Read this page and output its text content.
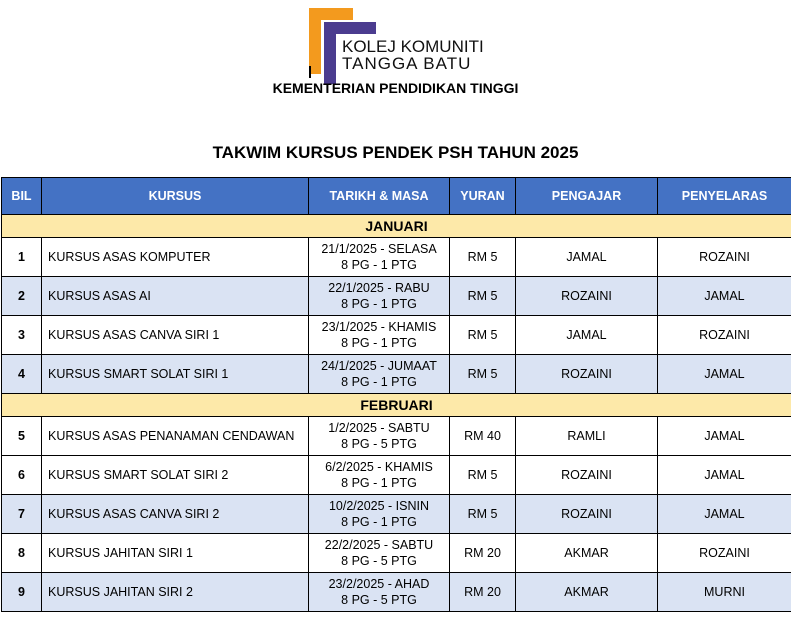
KOLEJ KOMUNITI
TANGGA BATU
KEMENTERIAN PENDIDIKAN TINGGI
TAKWIM KURSUS PENDEK PSH TAHUN 2025
BIL	KURSUS	TARIKH & MASA	YURAN	PENGAJAR	PENYELARAS
JANUARI					
1	KURSUS ASAS KOMPUTER	21/1/2025 - SELASA
8 PG - 1 PTG	RM 5	JAMAL	ROZAINI
2	KURSUS ASAS AI	22/1/2025 - RABU
8 PG - 1 PTG	RM 5	ROZAINI	JAMAL
3	KURSUS ASAS CANVA SIRI 1	23/1/2025 - KHAMIS
8 PG - 1 PTG	RM 5	JAMAL	ROZAINI
4	KURSUS SMART SOLAT SIRI 1	24/1/2025 - JUMAAT
8 PG - 1 PTG	RM 5	ROZAINI	JAMAL
FEBRUARI					
5	KURSUS ASAS PENANAMAN CENDAWAN	1/2/2025 - SABTU
8 PG - 5 PTG	RM 40	RAMLI	JAMAL
6	KURSUS SMART SOLAT SIRI 2	6/2/2025 - KHAMIS
8 PG - 1 PTG	RM 5	ROZAINI	JAMAL
7	KURSUS ASAS CANVA SIRI 2	10/2/2025 - ISNIN
8 PG - 1 PTG	RM 5	ROZAINI	JAMAL
8	KURSUS JAHITAN SIRI 1	22/2/2025 - SABTU
8 PG - 5 PTG	RM 20	AKMAR	ROZAINI
9	KURSUS JAHITAN SIRI 2	23/2/2025 - AHAD
8 PG - 5 PTG	RM 20	AKMAR	MURNI
